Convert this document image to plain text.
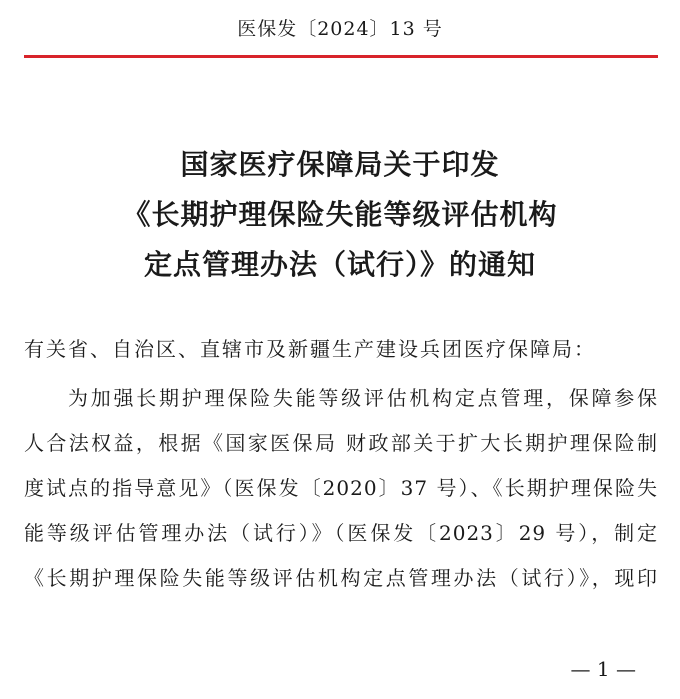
医保发〔2024〕13 号
国家医疗保障局关于印发
《长期护理保险失能等级评估机构
定点管理办法（试行）》的通知
有关省、自治区、直辖市及新疆生产建设兵团医疗保障局：
为加强长期护理保险失能等级评估机构定点管理，保障参保
人合法权益，根据《国家医保局 财政部关于扩大长期护理保险制
度试点的指导意见》（医保发〔2020〕37 号）、《长期护理保险失
能等级评估管理办法（试行）》（医保发〔2023〕29 号），制定
《长期护理保险失能等级评估机构定点管理办法（试行）》，现印
— 1 —
